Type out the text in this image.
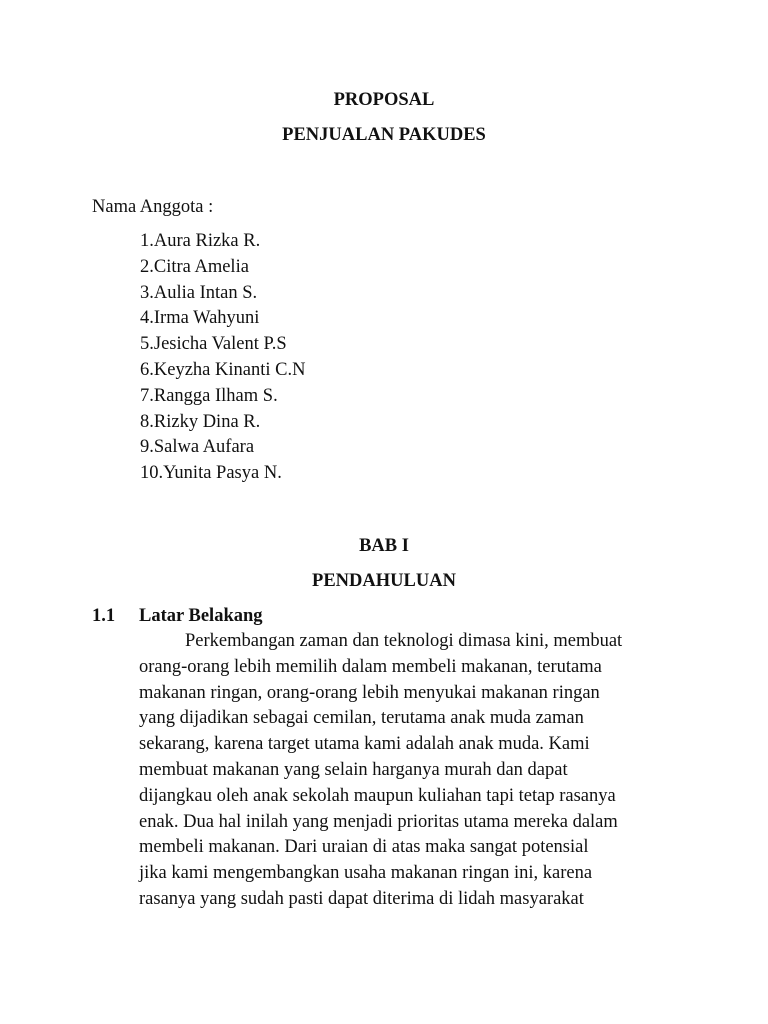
PROPOSAL
PENJUALAN PAKUDES
Nama Anggota :
1.Aura Rizka R.
2.Citra Amelia
3.Aulia Intan S.
4.Irma Wahyuni
5.Jesicha Valent P.S
6.Keyzha Kinanti C.N
7.Rangga Ilham S.
8.Rizky Dina R.
9.Salwa Aufara
10.Yunita Pasya N.
BAB I
PENDAHULUAN
1.1 Latar Belakang
Perkembangan zaman dan teknologi dimasa kini, membuat
orang-orang lebih memilih dalam membeli makanan, terutama
makanan ringan, orang-orang lebih menyukai makanan ringan
yang dijadikan sebagai cemilan, terutama anak muda zaman
sekarang, karena target utama kami adalah anak muda. Kami
membuat makanan yang selain harganya murah dan dapat
dijangkau oleh anak sekolah maupun kuliahan tapi tetap rasanya
enak. Dua hal inilah yang menjadi prioritas utama mereka dalam
membeli makanan. Dari uraian di atas maka sangat potensial
jika kami mengembangkan usaha makanan ringan ini, karena
rasanya yang sudah pasti dapat diterima di lidah masyarakat
